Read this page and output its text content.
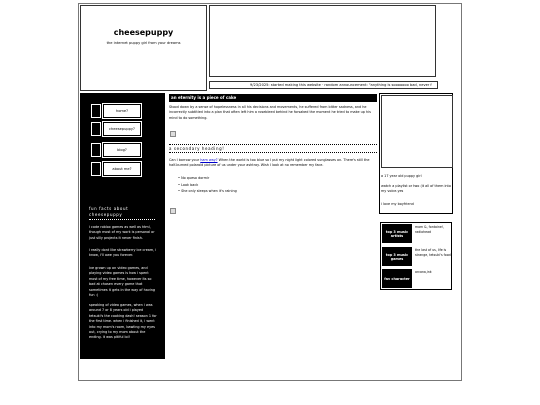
cheesepuppy
the internet puppy girl from your dreams
9/23/2025: started making this website · random announcement: "anything is sooooooo bad, never f
home?
cheesepuppy?
blog?
about me?
fun facts about cheesepuppy
i code roblox games as well as html, though most of my work is personal or just silly projects it never finish.
i really dont like strawberry ice cream, i know, i'll owe you forever.
ive grown up on video games, and playing video games is how i spent most of my free time, however its so bad at chosen every game that sometimes it gets in the way of having fun :(
speaking of video games, when i was around 7 or 8 years old i played tetsuki's the cooking dash! season 1 for the first time. when i finished it, i went into my mom's room, bawling my eyes out, crying to my mom about the ending. it was pitiful lol!
an eternity is a piece of cake
Stood down by a sense of hopelessness in all his decisions and movements, he suffered from bitter sadness, and he incorrectly subtitled into a plan that often left him a rosebleed behind he forsaked the moment he tried to make up his mind to do something.
a secondary heading!
Can I borrow your ham way? When the world is too blue so I put my night light colored sunglasses on. There's still the half-burned polaroid picture of us under your ashtray. Wish I look at no remember my face.
• No queso dormir
• Look back
• She only sleeps when it's raining
a 17 year old puppy girl
watch a playlist or two (it all of them into my voice.yes
i love my boyfriend
top 3 music artists
mom &, fontaine!, radiohead
top 3 music games
the last of us, life is strange, tetsuki's food
fav character
arcana,ink
